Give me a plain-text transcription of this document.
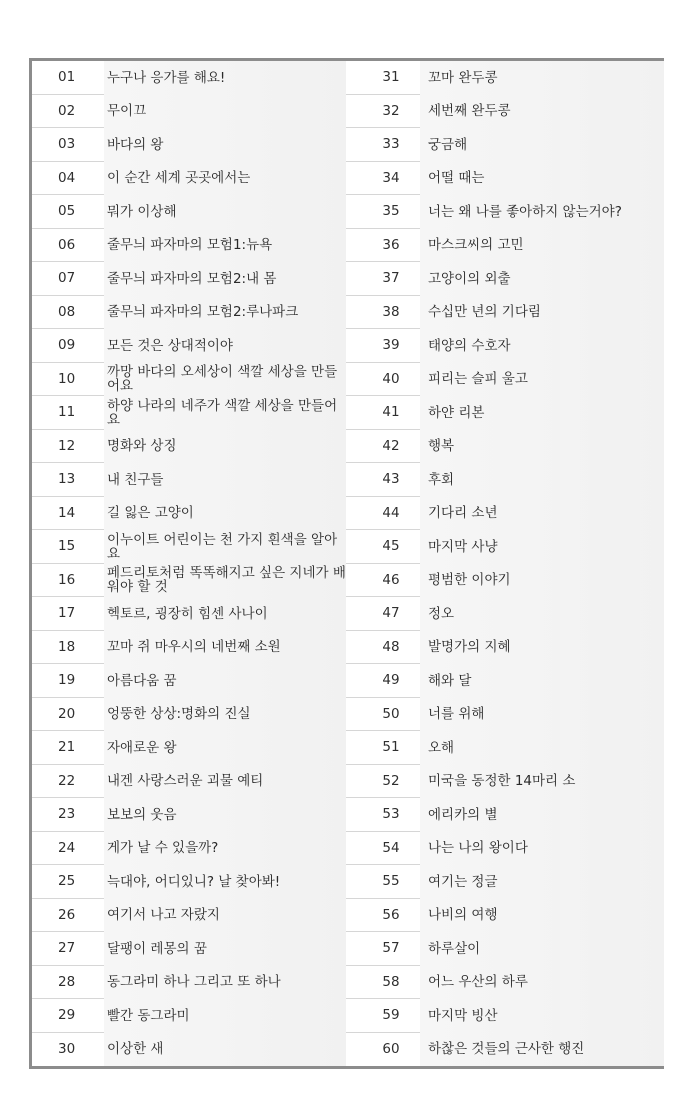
01	누구나 응가를 해요!
02	무이끄
03	바다의 왕
04	이 순간 세계 곳곳에서는
05	뭐가 이상해
06	줄무늬 파자마의 모험1:뉴욕
07	줄무늬 파자마의 모험2:내 몸
08	줄무늬 파자마의 모험2:루나파크
09	모든 것은 상대적이야
10	까망 바다의 오세상이 색깔 세상을 만들어요
11	하양 나라의 네주가 색깔 세상을 만들어요
12	명화와 상징
13	내 친구들
14	길 잃은 고양이
15	이누이트 어린이는 천 가지 흰색을 알아요
16	페드리토처럼 똑똑해지고 싶은 지네가 배워야 할 것
17	헥토르, 굉장히 힘센 사나이
18	꼬마 쥐 마우시의 네번째 소원
19	아름다움 꿈
20	엉뚱한 상상:명화의 진실
21	자애로운 왕
22	내겐 사랑스러운 괴물 예티
23	보보의 웃음
24	게가 날 수 있을까?
25	늑대야, 어디있니? 날 찾아봐!
26	여기서 나고 자랐지
27	달팽이 레몽의 꿈
28	동그라미 하나 그리고 또 하나
29	빨간 동그라미
30	이상한 새
31	꼬마 완두콩
32	세번째 완두콩
33	궁금해
34	어떨 때는
35	너는 왜 나를 좋아하지 않는거야?
36	마스크씨의 고민
37	고양이의 외출
38	수십만 년의 기다림
39	태양의 수호자
40	피리는 슬피 울고
41	하얀 리본
42	행복
43	후회
44	기다리 소년
45	마지막 사냥
46	평범한 이야기
47	정오
48	발명가의 지혜
49	해와 달
50	너를 위해
51	오해
52	미국을 동정한 14마리 소
53	에리카의 별
54	나는 나의 왕이다
55	여기는 정글
56	나비의 여행
57	하루살이
58	어느 우산의 하루
59	마지막 빙산
60	하찮은 것들의 근사한 행진
